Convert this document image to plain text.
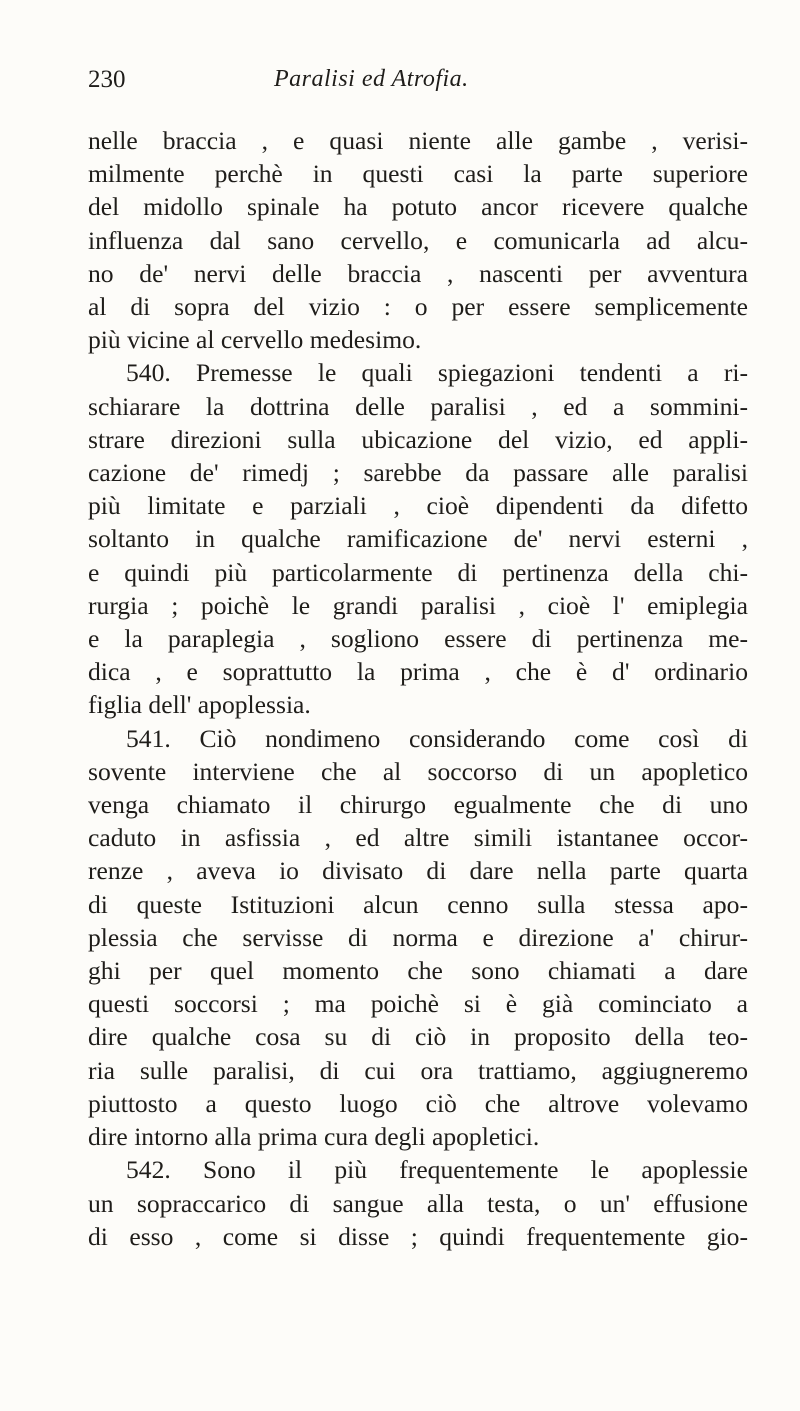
230	Paralisi ed Atrofia.
nelle braccia , e quasi niente alle gambe , verisi-
milmente perchè in questi casi la parte superiore
del midollo spinale ha potuto ancor ricevere qualche
influenza dal sano cervello, e comunicarla ad alcu-
no de' nervi delle braccia , nascenti per avventura
al di sopra del vizio : o per essere semplicemente
più vicine al cervello medesimo.
540. Premesse le quali spiegazioni tendenti a ri-
schiarare la dottrina delle paralisi , ed a sommini-
strare direzioni sulla ubicazione del vizio, ed appli-
cazione de' rimedj ; sarebbe da passare alle paralisi
più limitate e parziali , cioè dipendenti da difetto
soltanto in qualche ramificazione de' nervi esterni ,
e quindi più particolarmente di pertinenza della chi-
rurgia ; poichè le grandi paralisi , cioè l' emiplegia
e la paraplegia , sogliono essere di pertinenza me-
dica , e soprattutto la prima , che è d' ordinario
figlia dell' apoplessia.
541. Ciò nondimeno considerando come così di
sovente interviene che al soccorso di un apopletico
venga chiamato il chirurgo egualmente che di uno
caduto in asfissia , ed altre simili istantanee occor-
renze , aveva io divisato di dare nella parte quarta
di queste Istituzioni alcun cenno sulla stessa apo-
plessia che servisse di norma e direzione a' chirur-
ghi per quel momento che sono chiamati a dare
questi soccorsi ; ma poichè si è già cominciato a
dire qualche cosa su di ciò in proposito della teo-
ria sulle paralisi, di cui ora trattiamo, aggiugneremo
piuttosto a questo luogo ciò che altrove volevamo
dire intorno alla prima cura degli apopletici.
542. Sono il più frequentemente le apoplessie
un sopraccarico di sangue alla testa, o un' effusione
di esso , come si disse ; quindi frequentemente gio-
